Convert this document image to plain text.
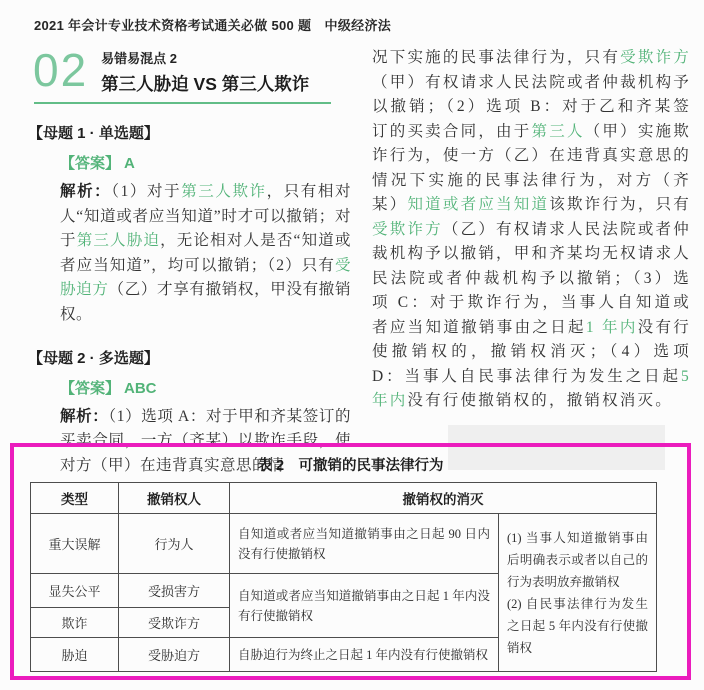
2021 年会计专业技术资格考试通关必做 500 题　中级经济法
02 易错易混点 2
第三人胁迫 VS 第三人欺诈
【母题 1 · 单选题】
【答案】 A
解析：（1）对于第三人欺诈，只有相对人“知道或者应当知道”时才可以撤销；对于第三人胁迫，无论相对人是否“知道或者应当知道”，均可以撤销；（2）只有受胁迫方（乙）才享有撤销权，甲没有撤销权。
【母题 2 · 多选题】
【答案】 ABC
解析：（1）选项 A：对于甲和齐某签订的买卖合同，一方（齐某）以欺诈手段，使对方（甲）在违背真实意思的情
况下实施的民事法律行为，只有受欺诈方（甲）有权请求人民法院或者仲裁机构予以撤销；（2）选项 B：对于乙和齐某签订的买卖合同，由于第三人（甲）实施欺诈行为，使一方（乙）在违背真实意思的情况下实施的民事法律行为，对方（齐某）知道或者应当知道该欺诈行为，只有受欺诈方（乙）有权请求人民法院或者仲裁机构予以撤销，甲和齐某均无权请求人民法院或者仲裁机构予以撤销；（3）选项 C：对于欺诈行为，当事人自知道或者应当知道撤销事由之日起1 年内没有行使撤销权的，撤销权消灭；（4）选项 D：当事人自民事法律行为发生之日起5 年内没有行使撤销权的，撤销权消灭。
表 2　可撤销的民事法律行为
类型	撤销权人	撤销权的消灭	
重大误解	行为人	自知道或者应当知道撤销事由之日起 90 日内没有行使撤销权	(1) 当事人知道撤销事由后明确表示或者以自己的行为表明放弃撤销权
(2) 自民事法律行为发生之日起 5 年内没有行使撤销权

显失公平	受损害方	自知道或者应当知道撤销事由之日起 1 年内没有行使撤销权	
欺诈	受欺诈方		
胁迫	受胁迫方	自胁迫行为终止之日起 1 年内没有行使撤销权	
